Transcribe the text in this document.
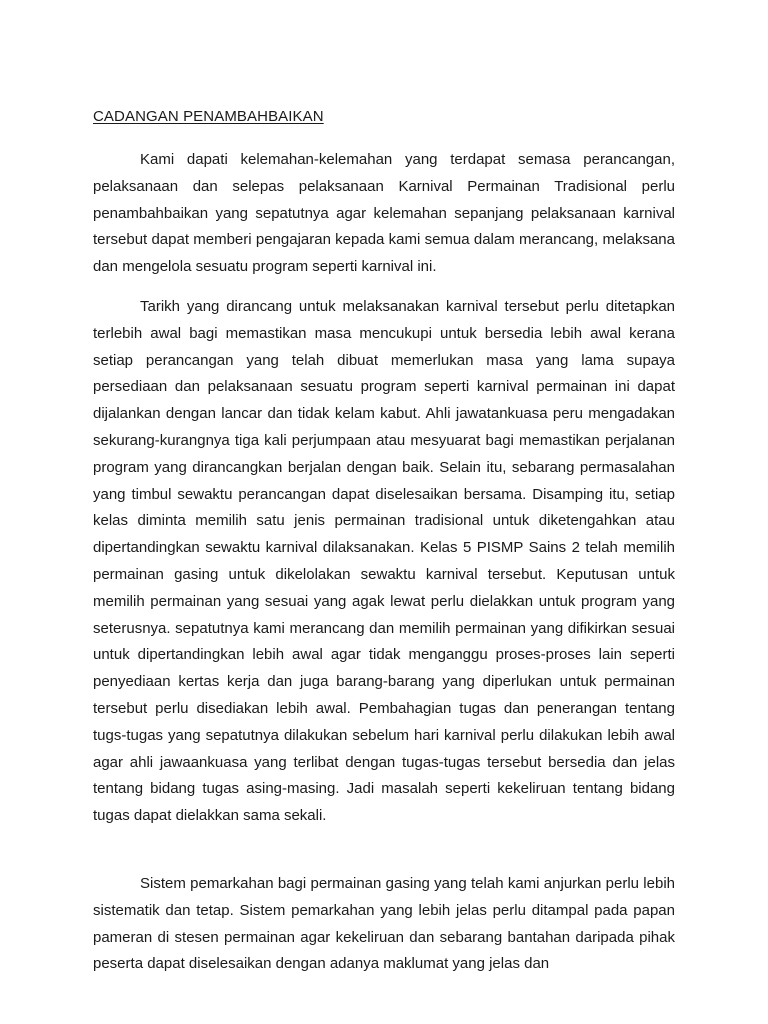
CADANGAN PENAMBAHBAIKAN

Kami dapati kelemahan-kelemahan yang terdapat semasa perancangan, pelaksanaan dan selepas pelaksanaan Karnival Permainan Tradisional perlu penambahbaikan yang sepatutnya agar kelemahan sepanjang pelaksanaan karnival tersebut dapat memberi pengajaran kepada kami semua dalam merancang, melaksana dan mengelola sesuatu program seperti karnival ini.

Tarikh yang dirancang untuk melaksanakan karnival tersebut perlu ditetapkan terlebih awal bagi memastikan masa mencukupi untuk bersedia lebih awal kerana setiap perancangan yang telah dibuat memerlukan masa yang lama supaya persediaan dan pelaksanaan sesuatu program seperti karnival permainan ini dapat dijalankan dengan lancar dan tidak kelam kabut. Ahli jawatankuasa peru mengadakan sekurang-kurangnya tiga kali perjumpaan atau mesyuarat bagi memastikan perjalanan program yang dirancangkan berjalan dengan baik. Selain itu, sebarang permasalahan yang timbul sewaktu perancangan dapat diselesaikan bersama. Disamping itu, setiap kelas diminta memilih satu jenis permainan tradisional untuk diketengahkan atau dipertandingkan sewaktu karnival dilaksanakan. Kelas 5 PISMP Sains 2 telah memilih permainan gasing untuk dikelolakan sewaktu karnival tersebut. Keputusan untuk memilih permainan yang sesuai yang agak lewat perlu dielakkan untuk program yang seterusnya. sepatutnya kami merancang dan memilih permainan yang difikirkan sesuai untuk dipertandingkan lebih awal agar tidak menganggu proses-proses lain seperti penyediaan kertas kerja dan juga barang-barang yang diperlukan untuk permainan tersebut perlu disediakan lebih awal. Pembahagian tugas dan penerangan tentang tugs-tugas yang sepatutnya dilakukan sebelum hari karnival perlu dilakukan lebih awal agar ahli jawaankuasa yang terlibat dengan tugas-tugas tersebut bersedia dan jelas tentang bidang tugas asing-masing. Jadi masalah seperti kekeliruan tentang bidang tugas dapat dielakkan sama sekali.

Sistem pemarkahan bagi permainan gasing yang telah kami anjurkan perlu lebih sistematik dan tetap. Sistem pemarkahan yang lebih jelas perlu ditampal pada papan pameran di stesen permainan agar kekeliruan dan sebarang bantahan daripada pihak peserta dapat diselesaikan dengan adanya maklumat yang jelas dan
